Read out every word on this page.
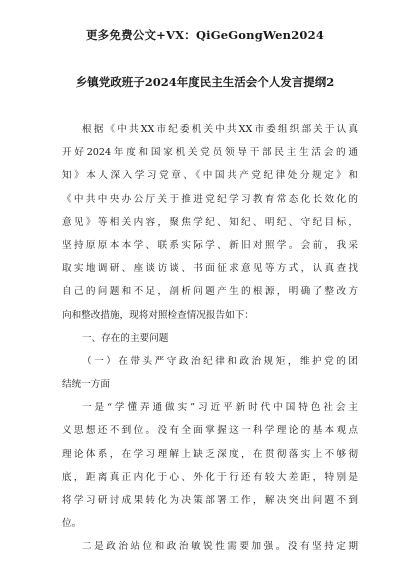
更多免费公文+VX：QiGeGongWen2024
乡镇党政班子2024年度民主生活会个人发言提纲2
根据《中共XX市纪委机关中共XX市委组织部关于认真
开好2024年度和国家机关党员领导干部民主生活会的通
知》本人深入学习党章、《中国共产党纪律处分规定》和
《中共中央办公厅关于推进党纪学习教育常态化长效化的
意见》等相关内容，聚焦学纪、知纪、明纪、守纪目标，
坚持原原本本学、联系实际学、新旧对照学。会前，我采
取实地调研、座谈访谈、书面征求意见等方式，认真查找
自己的问题和不足，剖析问题产生的根源，明确了整改方
向和整改措施，现将对照检查情况报告如下：
一、存在的主要问题
（一）在带头严守政治纪律和政治规矩，维护党的团
结统一方面
一是“学懂弄通做实”习近平新时代中国特色社会主
义思想还不到位。没有全面掌握这一科学理论的基本观点
理论体系，在学习理解上缺乏深度，在贯彻落实上不够彻
底，距离真正内化于心、外化于行还有较大差距，特别是
将学习研讨成果转化为决策部署工作，解决突出问题不到
位。
二是政治站位和政治敏锐性需要加强。没有坚持定期
